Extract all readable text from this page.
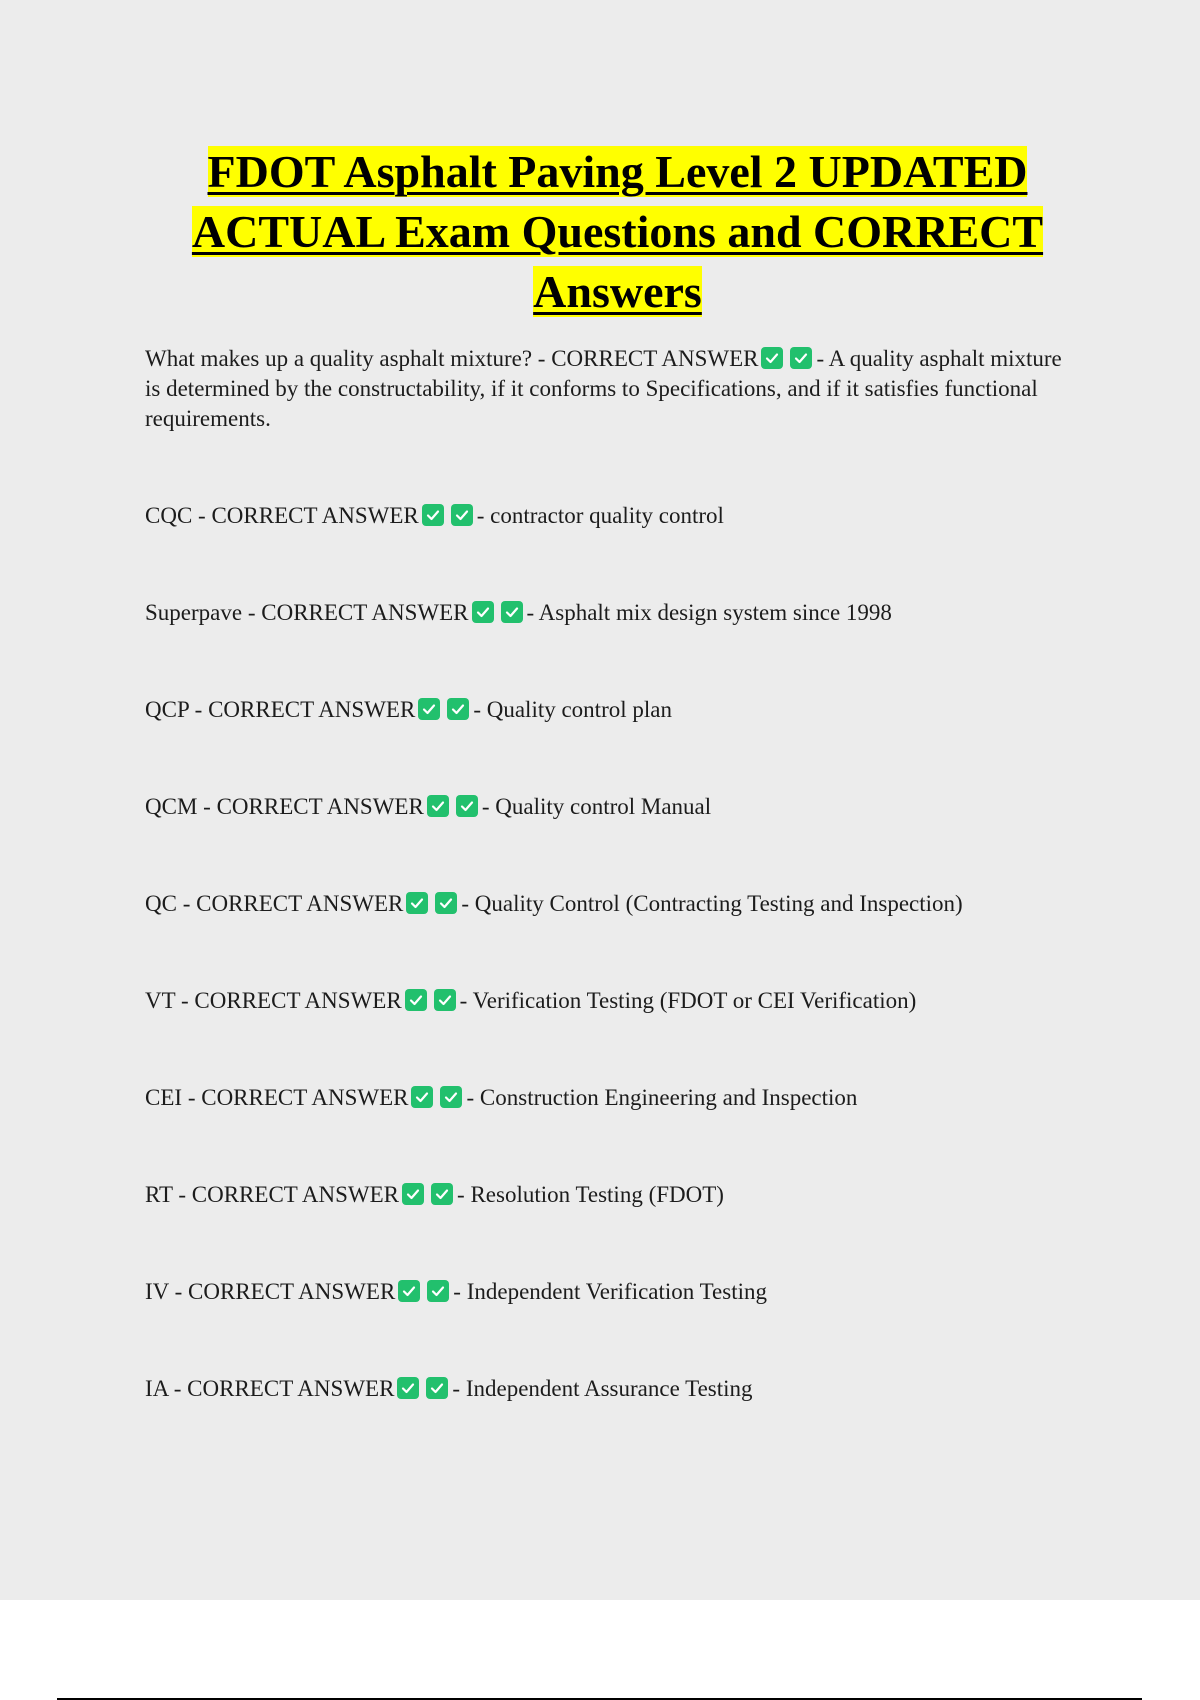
FDOT Asphalt Paving Level 2 UPDATED
ACTUAL Exam Questions and CORRECT
Answers

What makes up a quality asphalt mixture? - CORRECT ANSWER	- A quality asphalt mixture is determined by the constructability, if it conforms to Specifications, and if it satisfies functional requirements.

CQC - CORRECT ANSWER	- contractor quality control

Superpave - CORRECT ANSWER	- Asphalt mix design system since 1998

QCP - CORRECT ANSWER	- Quality control plan

QCM - CORRECT ANSWER	- Quality control Manual

QC - CORRECT ANSWER	- Quality Control (Contracting Testing and Inspection)

VT - CORRECT ANSWER	- Verification Testing (FDOT or CEI Verification)

CEI - CORRECT ANSWER	- Construction Engineering and Inspection

RT - CORRECT ANSWER	- Resolution Testing (FDOT)

IV - CORRECT ANSWER	- Independent Verification Testing

IA - CORRECT ANSWER	- Independent Assurance Testing
